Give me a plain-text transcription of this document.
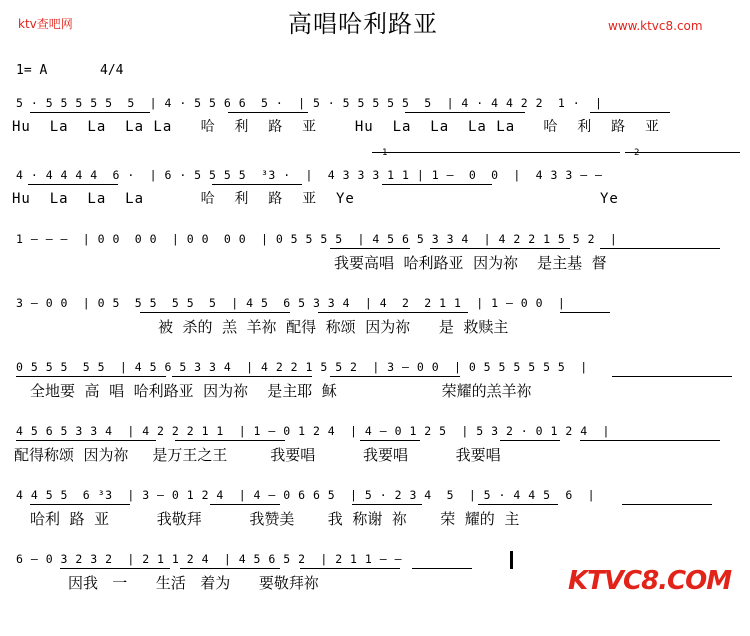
ktv查吧网	高唱哈利路亚	www.ktvc8.com
1= A	4/4
5 · 5 5 5 5 5  5  | 4 · 5 5 6 6  5 ·  | 5 · 5 5 5 5 5  5  | 4 · 4 4 2 2  1 ·  |
Hu  La  La  La La   哈  利  路  亚    Hu  La  La  La La   哈  利  路  亚
1	2
4 · 4 4 4 4  6 ·  | 6 · 5 5 5 5  ³3 ·  |  4 3 3 3 1 1 | 1 –  0  0  |  4 3 3 – –
Hu  La  La  La      哈  利  路  亚  Ye                          Ye
1 – – –  | 0 0  0 0  | 0 0  0 0  | 0 5 5 5 5  | 4 5 6 5 3 3 4  | 4 2 2 1 5 5 2  |
我要高唱  哈利路亚  因为祢    是主基  督
3 – 0 0  | 0 5  5 5  5 5  5  | 4 5  6 5 3 3 4  | 4  2  2 1 1  | 1 – 0 0  |
被  杀的  羔  羊祢  配得  称颂  因为祢      是  救赎主
0 5 5 5  5 5  | 4 5 6 5 3 3 4  | 4 2 2 1 5 5 2  | 3 – 0 0  | 0 5 5 5 5 5 5  |
全地要  高  唱  哈利路亚  因为祢    是主耶  稣                      荣耀的羔羊祢
4 5 6 5 3 3 4  | 4 2 2 2 1 1  | 1 – 0 1 2 4  | 4 – 0 1 2 5  | 5 3 2 · 0 1 2 4  |
配得称颂  因为祢     是万王之王         我要唱          我要唱          我要唱
4 4 5 5  6 ³3  | 3 – 0 1 2 4  | 4 – 0 6 6 5  | 5 · 2 3 4  5  | 5 · 4 4 5  6  |
哈利  路  亚          我敬拜          我赞美       我  称谢  祢       荣  耀的  主
6 – 0 3 2 3 2  | 2 1 1 2 4  | 4 5 6 5 2  | 2 1 1 – –
因我   一      生活   着为      要敬拜祢	KTVC8.COM
